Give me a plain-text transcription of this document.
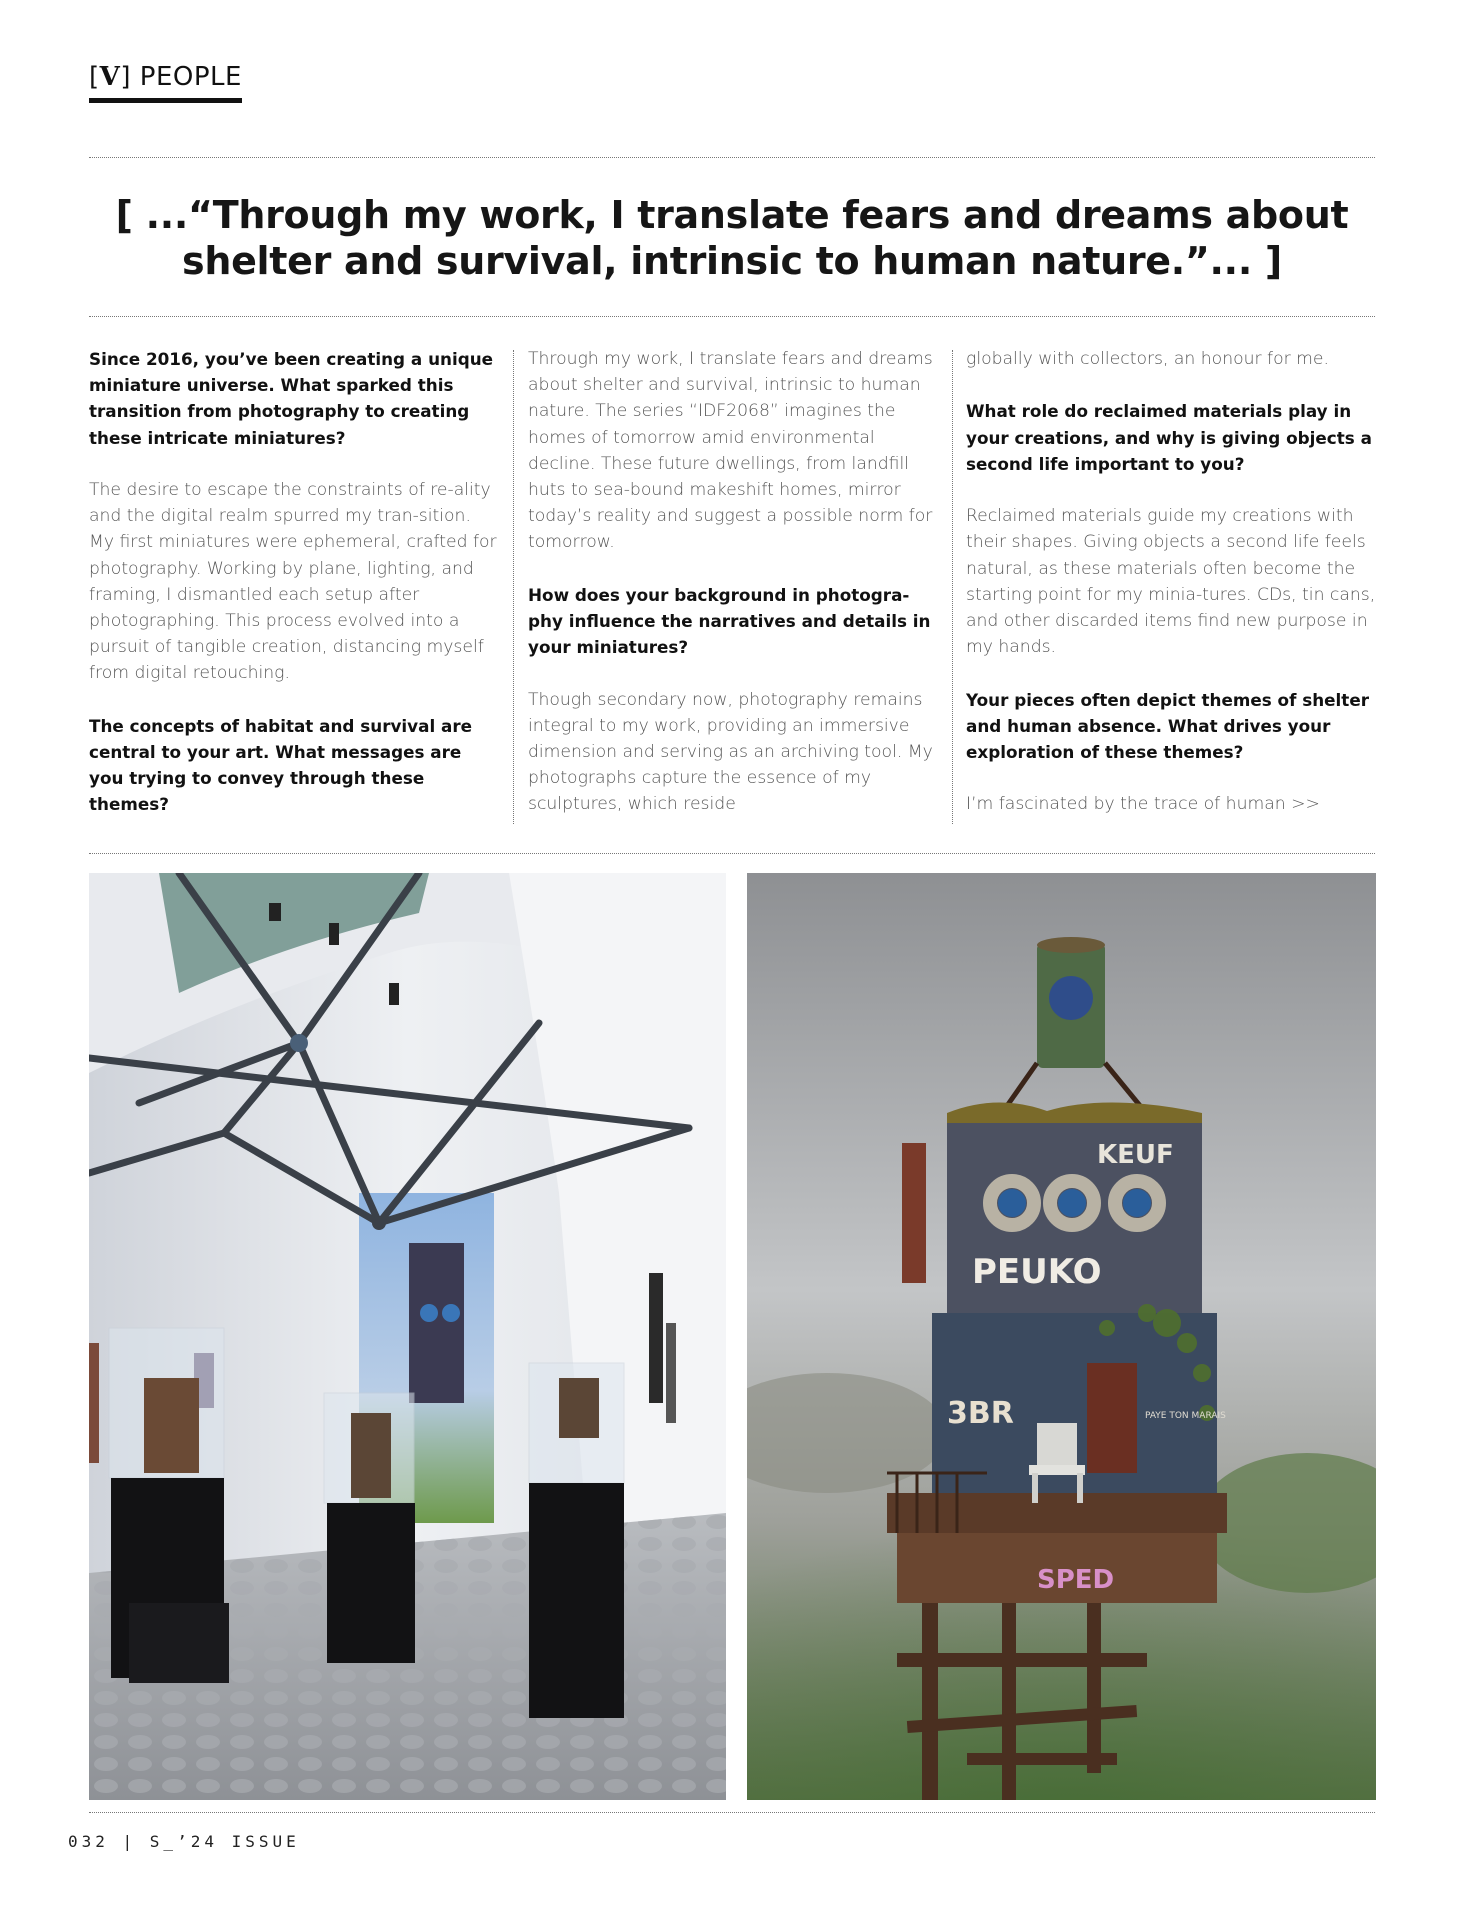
[V] PEOPLE
[ ...“Through my work, I translate fears and dreams about shelter and survival, intrinsic to human nature.”... ]

Since 2016, you’ve been creating a unique miniature universe. What sparked this transition from photography to creating these intricate miniatures?

The desire to escape the constraints of re-ality and the digital realm spurred my tran-sition. My first miniatures were ephemeral, crafted for photography. Working by plane, lighting, and framing, I dismantled each setup after photographing. This process evolved into a pursuit of tangible creation, distancing myself from digital retouching.

The concepts of habitat and survival are central to your art. What messages are you trying to convey through these themes?

Through my work, I translate fears and dreams about shelter and survival, intrinsic to human nature. The series “IDF2068” imagines the homes of tomorrow amid environmental decline. These future dwellings, from landfill huts to sea-bound makeshift homes, mirror today’s reality and suggest a possible norm for tomorrow.

How does your background in photogra-phy influence the narratives and details in your miniatures?

Though secondary now, photography remains integral to my work, providing an immersive dimension and serving as an archiving tool. My photographs capture the essence of my sculptures, which reside

globally with collectors, an honour for me.

What role do reclaimed materials play in your creations, and why is giving objects a second life important to you?

Reclaimed materials guide my creations with their shapes. Giving objects a second life feels natural, as these materials often become the starting point for my minia-tures. CDs, tin cans, and other discarded items find new purpose in my hands.

Your pieces often depict themes of shelter and human absence. What drives your exploration of these themes?

I’m fascinated by the trace of human >>

KEUF
PEUKO
3BR
SPED
PAYE TON MARAIS
032 | S_’24 ISSUE
